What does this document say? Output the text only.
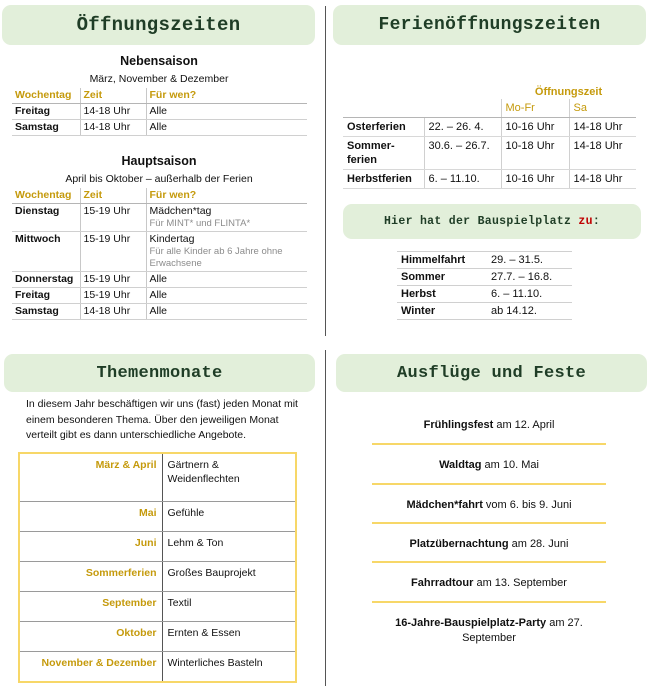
Öffnungszeiten
Nebensaison
März, November & Dezember
Wochentag	Zeit	Für wen?
Freitag	14-18 Uhr	Alle
Samstag	14-18 Uhr	Alle
Hauptsaison
April bis Oktober – außerhalb der Ferien
Wochentag	Zeit	Für wen?
Dienstag	15-19 Uhr	Mädchen*tag
Für MINT* und FLINTA*

Mittwoch	15-19 Uhr	Kindertag
Für alle Kinder ab 6 Jahre ohne Erwachsene

Donnerstag	15-19 Uhr	Alle
Freitag	15-19 Uhr	Alle
Samstag	14-18 Uhr	Alle
Ferienöffnungszeiten
		Öffnungszeit	
		Mo-Fr	Sa
Osterferien	22. – 26. 4.	10-16 Uhr	14-18 Uhr
Sommer-ferien	30.6. – 26.7.	10-18 Uhr	14-18 Uhr
Herbstferien	6. – 11.10.	10-16 Uhr	14-18 Uhr
Hier hat der Bauspielplatz zu :
Himmelfahrt	29. – 31.5.
Sommer	27.7. – 16.8.
Herbst	6. – 11.10.
Winter	ab 14.12.
Themenmonate
In diesem Jahr beschäftigen wir uns (fast) jeden Monat mit einem besonderen Thema. Über den jeweiligen Monat verteilt gibt es dann unterschiedliche Angebote.
März & April	Gärtnern & Weidenflechten
Mai	Gefühle
Juni	Lehm & Ton
Sommerferien	Großes Bauprojekt
September	Textil
Oktober	Ernten & Essen
November & Dezember	Winterliches Basteln
Ausflüge und Feste
Frühlingsfest am 12. April
Waldtag am 10. Mai
Mädchen*fahrt vom 6. bis 9. Juni
Platzübernachtung am 28. Juni
Fahrradtour am 13. September
16-Jahre-Bauspielplatz-Party am 27. September
